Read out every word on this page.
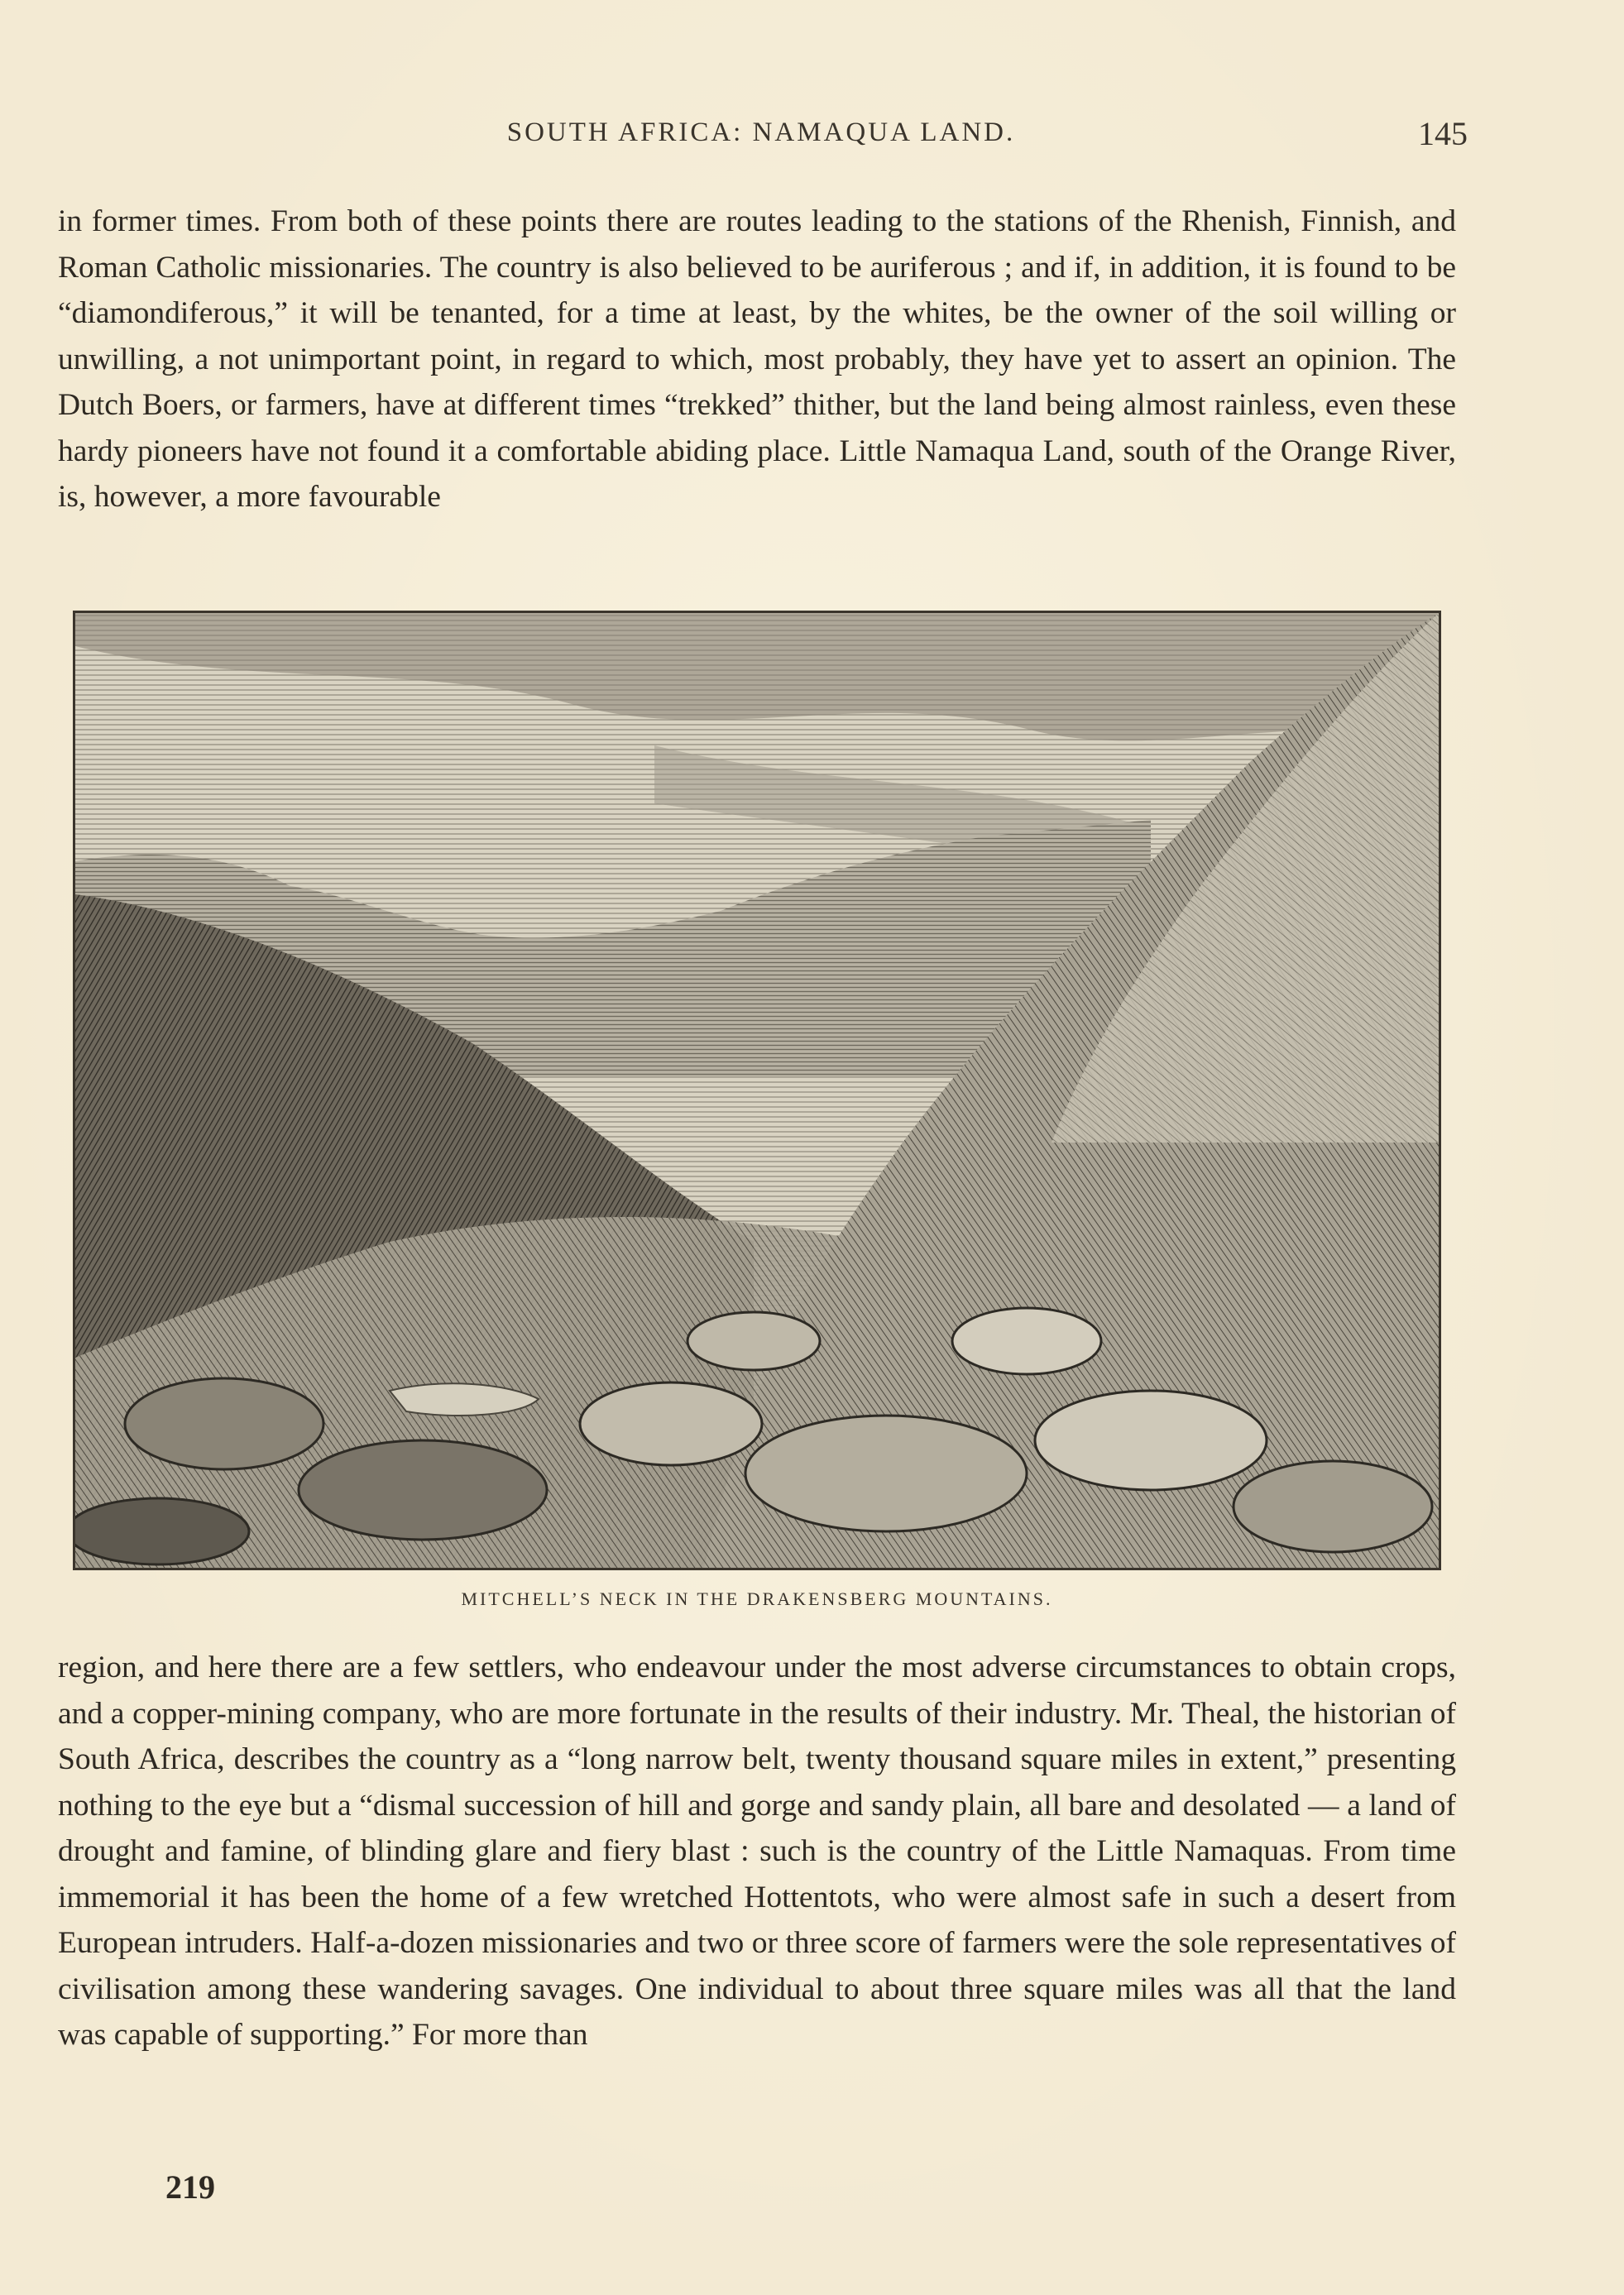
SOUTH AFRICA: NAMAQUA LAND.	145

in former times. From both of these points there are routes leading to the stations of the Rhenish, Finnish, and Roman Catholic missionaries. The country is also believed to be auriferous ; and if, in addition, it is found to be “diamondiferous,” it will be tenanted, for a time at least, by the whites, be the owner of the soil willing or unwilling, a not unimportant point, in regard to which, most probably, they have yet to assert an opinion. The Dutch Boers, or farmers, have at different times “trekked” thither, but the land being almost rainless, even these hardy pioneers have not found it a comfortable abiding place. Little Namaqua Land, south of the Orange River, is, however, a more favourable

MITCHELL’S NECK IN THE DRAKENSBERG MOUNTAINS.

region, and here there are a few settlers, who endeavour under the most adverse circumstances to obtain crops, and a copper-mining company, who are more fortunate in the results of their industry. Mr. Theal, the historian of South Africa, describes the country as a “long narrow belt, twenty thousand square miles in extent,” presenting nothing to the eye but a “dismal succession of hill and gorge and sandy plain, all bare and desolated — a land of drought and famine, of blinding glare and fiery blast : such is the country of the Little Namaquas. From time immemorial it has been the home of a few wretched Hottentots, who were almost safe in such a desert from European intruders. Half-a-dozen missionaries and two or three score of farmers were the sole representatives of civilisation among these wandering savages. One individual to about three square miles was all that the land was capable of supporting.” For more than

219
